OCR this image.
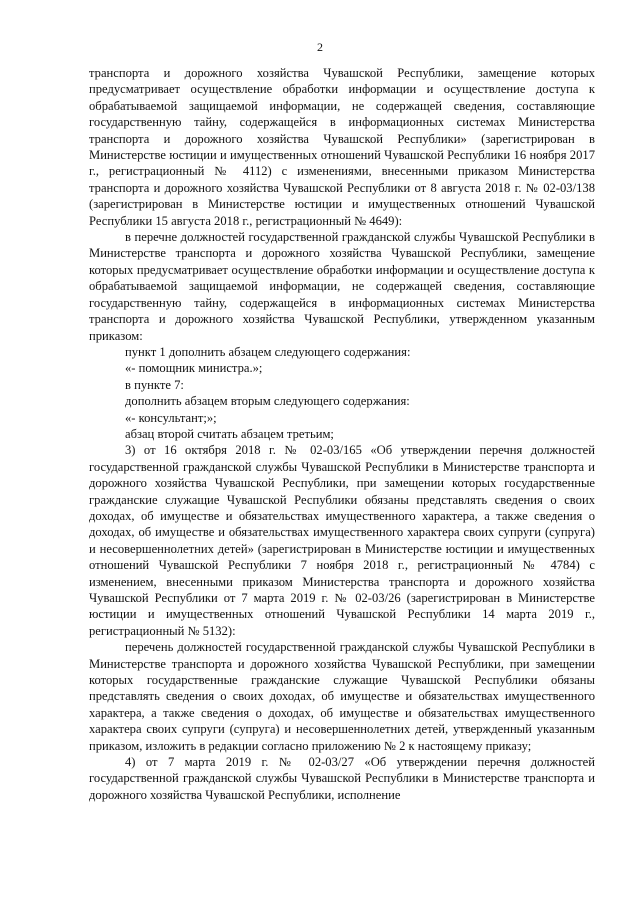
2

транспорта и дорожного хозяйства Чувашской Республики, замещение которых предусматривает осуществление обработки информации и осуществление доступа к обрабатываемой защищаемой информации, не содержащей сведения, составляющие государственную тайну, содержащейся в информационных системах Министерства транспорта и дорожного хозяйства Чувашской Республики» (зарегистрирован в Министерстве юстиции и имущественных отношений Чувашской Республики 16 ноября 2017 г., регистрационный № 4112) с изменениями, внесенными приказом Министерства транспорта и дорожного хозяйства Чувашской Республики от 8 августа 2018 г. № 02-03/138 (зарегистрирован в Министерстве юстиции и имущественных отношений Чувашской Республики 15 августа 2018 г., регистрационный № 4649):

в перечне должностей государственной гражданской службы Чувашской Республики в Министерстве транспорта и дорожного хозяйства Чувашской Республики, замещение которых предусматривает осуществление обработки информации и осуществление доступа к обрабатываемой защищаемой информации, не содержащей сведения, составляющие государственную тайну, содержащейся в информационных системах Министерства транспорта и дорожного хозяйства Чувашской Республики, утвержденном указанным приказом:

пункт 1 дополнить абзацем следующего содержания:

«- помощник министра.»;

в пункте 7:

дополнить абзацем вторым следующего содержания:

«- консультант;»;

абзац второй считать абзацем третьим;

3) от 16 октября 2018 г. № 02-03/165 «Об утверждении перечня должностей государственной гражданской службы Чувашской Республики в Министерстве транспорта и дорожного хозяйства Чувашской Республики, при замещении которых государственные гражданские служащие Чувашской Республики обязаны представлять сведения о своих доходах, об имуществе и обязательствах имущественного характера, а также сведения о доходах, об имуществе и обязательствах имущественного характера своих супруги (супруга) и несовершеннолетних детей» (зарегистрирован в Министерстве юстиции и имущественных отношений Чувашской Республики 7 ноября 2018 г., регистрационный № 4784) с изменением, внесенными приказом Министерства транспорта и дорожного хозяйства Чувашской Республики от 7 марта 2019 г. № 02-03/26 (зарегистрирован в Министерстве юстиции и имущественных отношений Чувашской Республики 14 марта 2019 г., регистрационный № 5132):

перечень должностей государственной гражданской службы Чувашской Республики в Министерстве транспорта и дорожного хозяйства Чувашской Республики, при замещении которых государственные гражданские служащие Чувашской Республики обязаны представлять сведения о своих доходах, об имуществе и обязательствах имущественного характера, а также сведения о доходах, об имуществе и обязательствах имущественного характера своих супруги (супруга) и несовершеннолетних детей, утвержденный указанным приказом, изложить в редакции согласно приложению № 2 к настоящему приказу;

4) от 7 марта 2019 г. № 02-03/27 «Об утверждении перечня должностей государственной гражданской службы Чувашской Республики в Министерстве транспорта и дорожного хозяйства Чувашской Республики, исполнение
